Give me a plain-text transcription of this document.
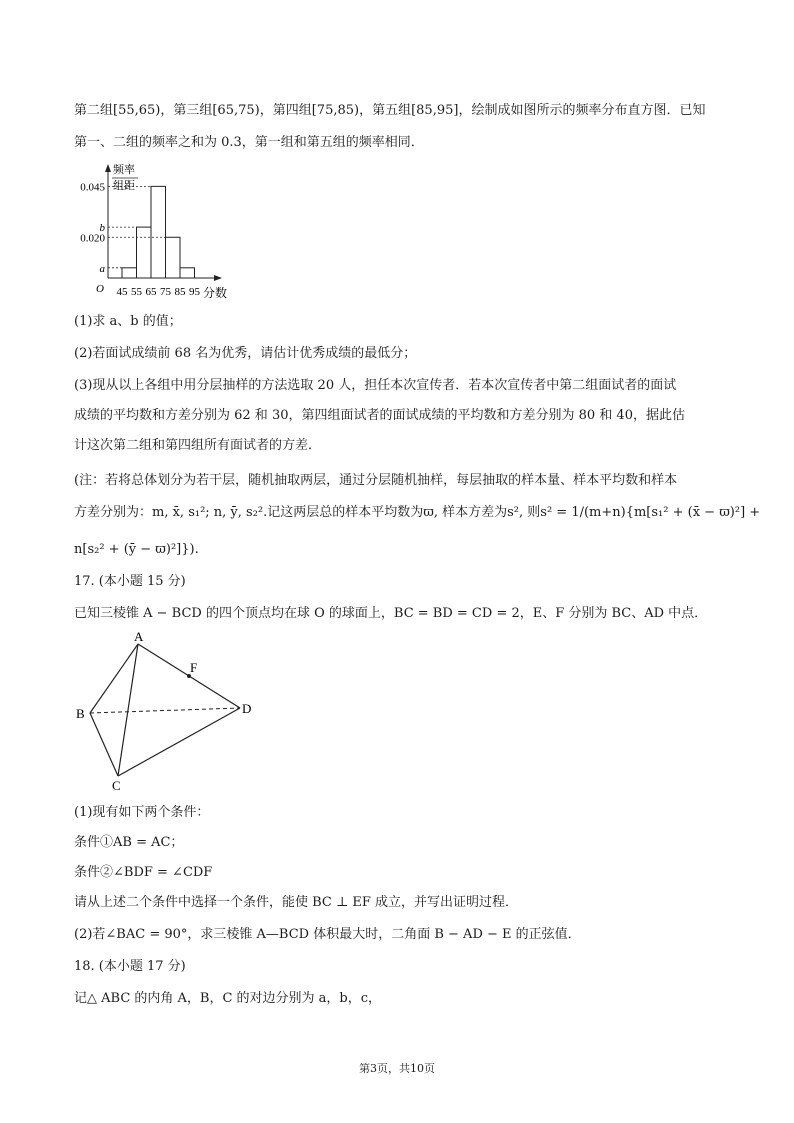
第二组[55,65)，第三组[65,75)，第四组[75,85)，第五组[85,95]，绘制成如图所示的频率分布直方图．已知

第一、二组的频率之和为 0.3，第一组和第五组的频率相同．

频率
组距
O	分数
0.045
b
0.020
a
45 55 65 75 85 95

(1)求 a、b 的值；

(2)若面试成绩前 68 名为优秀，请估计优秀成绩的最低分；

(3)现从以上各组中用分层抽样的方法选取 20 人，担任本次宣传者．若本次宣传者中第二组面试者的面试

成绩的平均数和方差分别为 62 和 30，第四组面试者的面试成绩的平均数和方差分别为 80 和 40，据此估

计这次第二组和第四组所有面试者的方差．

(注：若将总体划分为若干层，随机抽取两层，通过分层随机抽样，每层抽取的样本量、样本平均数和样本

方差分别为：m, x̄, s₁²; n, ȳ, s₂².记这两层总的样本平均数为ϖ, 样本方差为s², 则s² = 1/(m+n){m[s₁² + (x̄ − ϖ)²] +

n[s₂² + (ȳ − ϖ)²]}).

17. (本小题 15 分)

已知三棱锥 A − BCD 的四个顶点均在球 O 的球面上，BC = BD = CD = 2，E、F 分别为 BC、AD 中点．

A
B
C
D
F

(1)现有如下两个条件：

条件①AB = AC；

条件②∠BDF = ∠CDF

请从上述二个条件中选择一个条件，能使 BC ⊥ EF 成立，并写出证明过程．

(2)若∠BAC = 90°，求三棱锥 A—BCD 体积最大时，二角面 B − AD − E 的正弦值．

18. (本小题 17 分)

记△ ABC 的内角 A，B，C 的对边分别为 a，b，c，

第3页，共10页
